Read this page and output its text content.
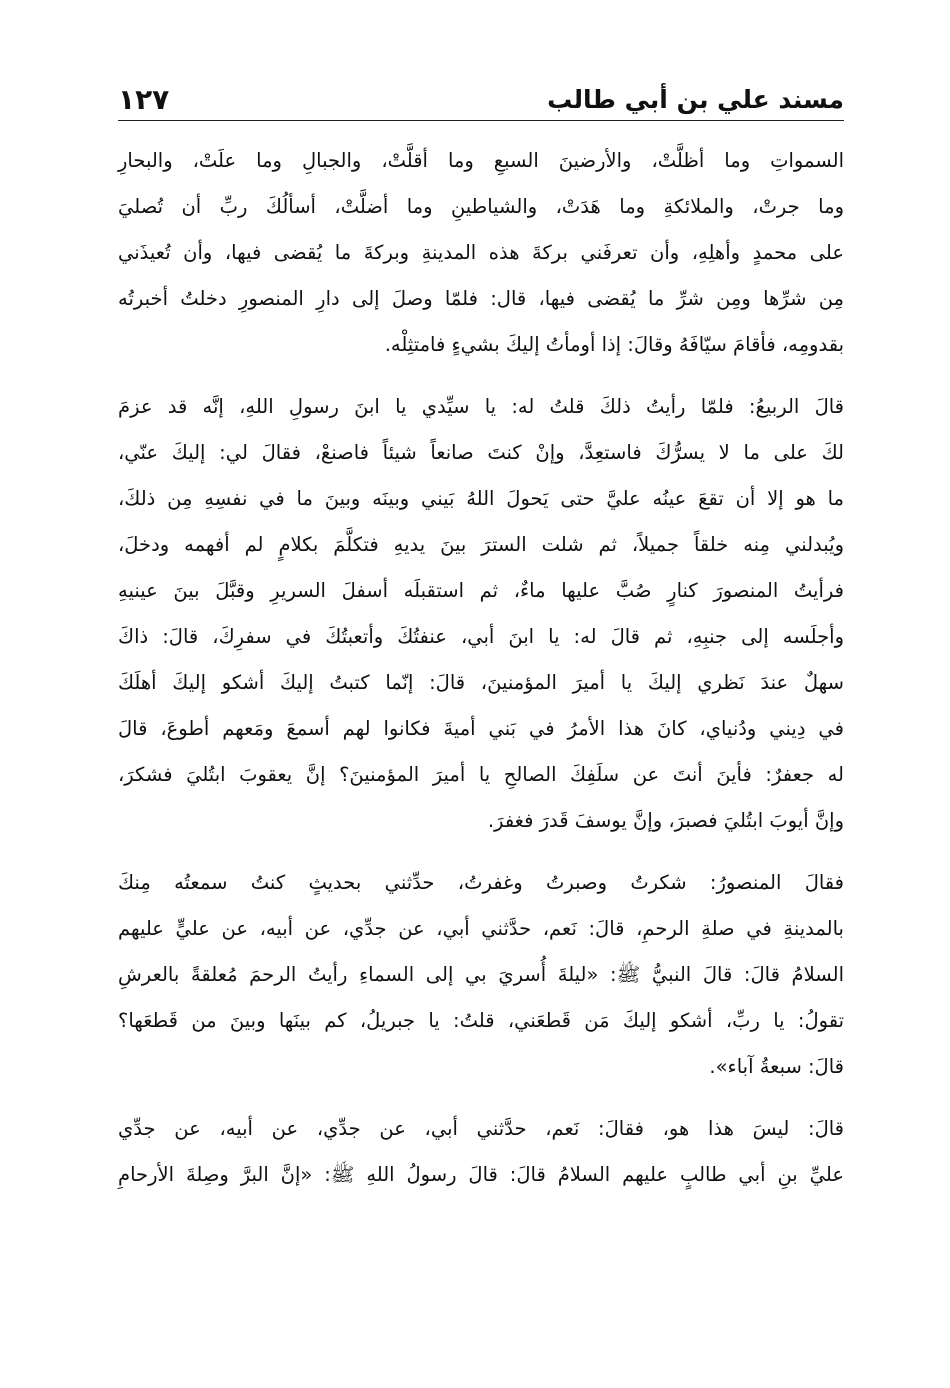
مسند علي بن أبي طالب
١٢٧
السمواتِ وما أظلَّتْ، والأرضينَ السبعِ وما أقلَّتْ، والجبالِ وما علَتْ، والبحارِ
وما جرتْ، والملائكةِ وما هَدَتْ، والشياطينِ وما أضلَّتْ، أسألُكَ ربِّ أن تُصليَ
على محمدٍ وأهلِهِ، وأن تعرفَني بركةَ هذه المدينةِ وبركةَ ما يُقضى فيها، وأن تُعيذَني
مِن شرِّها ومِن شرِّ ما يُقضى فيها، قال: فلمّا وصلَ إلى دارِ المنصورِ دخلتُ أخبرتُه
بقدومِه، فأقامَ سيّافَهُ وقالَ: إذا أومأتُ إليكَ بشيءٍ فامتثِلْه.
قالَ الربيعُ: فلمّا رأيتُ ذلكَ قلتُ له: يا سيِّدي يا ابنَ رسولِ اللهِ، إنَّه قد عزمَ
لكَ على ما لا يسرُّكَ فاستعِدَّ، وإنْ كنتَ صانعاً شيئاً فاصنعْ، فقالَ لي: إليكَ عنّي،
ما هو إلا أن تقعَ عينُه عليَّ حتى يَحولَ اللهُ بَيني وبينَه وبينَ ما في نفسِهِ مِن ذلكَ،
ويُبدلني مِنه خلقاً جميلاً، ثم شلت السترَ بينَ يديهِ فتكلَّمَ بكلامٍ لم أفهمه ودخلَ،
فرأيتُ المنصورَ كنارٍ صُبَّ عليها ماءٌ، ثم استقبلَه أسفلَ السريرِ وقبَّلَ بينَ عينيهِ
وأجلَسه إلى جنبِهِ، ثم قالَ له: يا ابنَ أبي، عنفتُكَ وأتعبتُكَ في سفرِكَ، قالَ: ذاكَ
سهلٌ عندَ نَظري إليكَ يا أميرَ المؤمنينَ، قالَ: إنّما كتبتُ إليكَ أشكو إليكَ أهلَكَ
في دِيني ودُنياي، كانَ هذا الأمرُ في بَني أميةَ فكانوا لهم أسمعَ ومَعهم أطوعَ، قالَ
له جعفرٌ: فأينَ أنتَ عن سلَفِكَ الصالحِ يا أميرَ المؤمنينَ؟ إنَّ يعقوبَ ابتُليَ فشكرَ،
وإنَّ أيوبَ ابتُليَ فصبرَ، وإنَّ يوسفَ قَدرَ فغفرَ.
فقالَ المنصورُ: شكرتُ وصبرتُ وغفرتُ، حدِّثني بحديثٍ كنتُ سمعتُه مِنكَ
بالمدينةِ في صلةِ الرحمِ، قالَ: نَعم، حدَّثني أبي، عن جدِّي، عن أبيه، عن عليٍّ عليهم
السلامُ قالَ: قالَ النبيُّ ﷺ: «ليلةَ أُسريَ بي إلى السماءِ رأيتُ الرحمَ مُعلقةً بالعرشِ
تقولُ: يا ربِّ، أشكو إليكَ مَن قَطعَني، قلتُ: يا جبريلُ، كم بينَها وبينَ من قَطعَها؟
قالَ: سبعةُ آباء».
قالَ: ليسَ هذا هو، فقالَ: نَعم، حدَّثني أبي، عن جدِّي، عن أبيه، عن جدِّي
عليِّ بنِ أبي طالبٍ عليهم السلامُ قالَ: قالَ رسولُ اللهِ ﷺ: «إنَّ البرَّ وصِلةَ الأرحامِ
